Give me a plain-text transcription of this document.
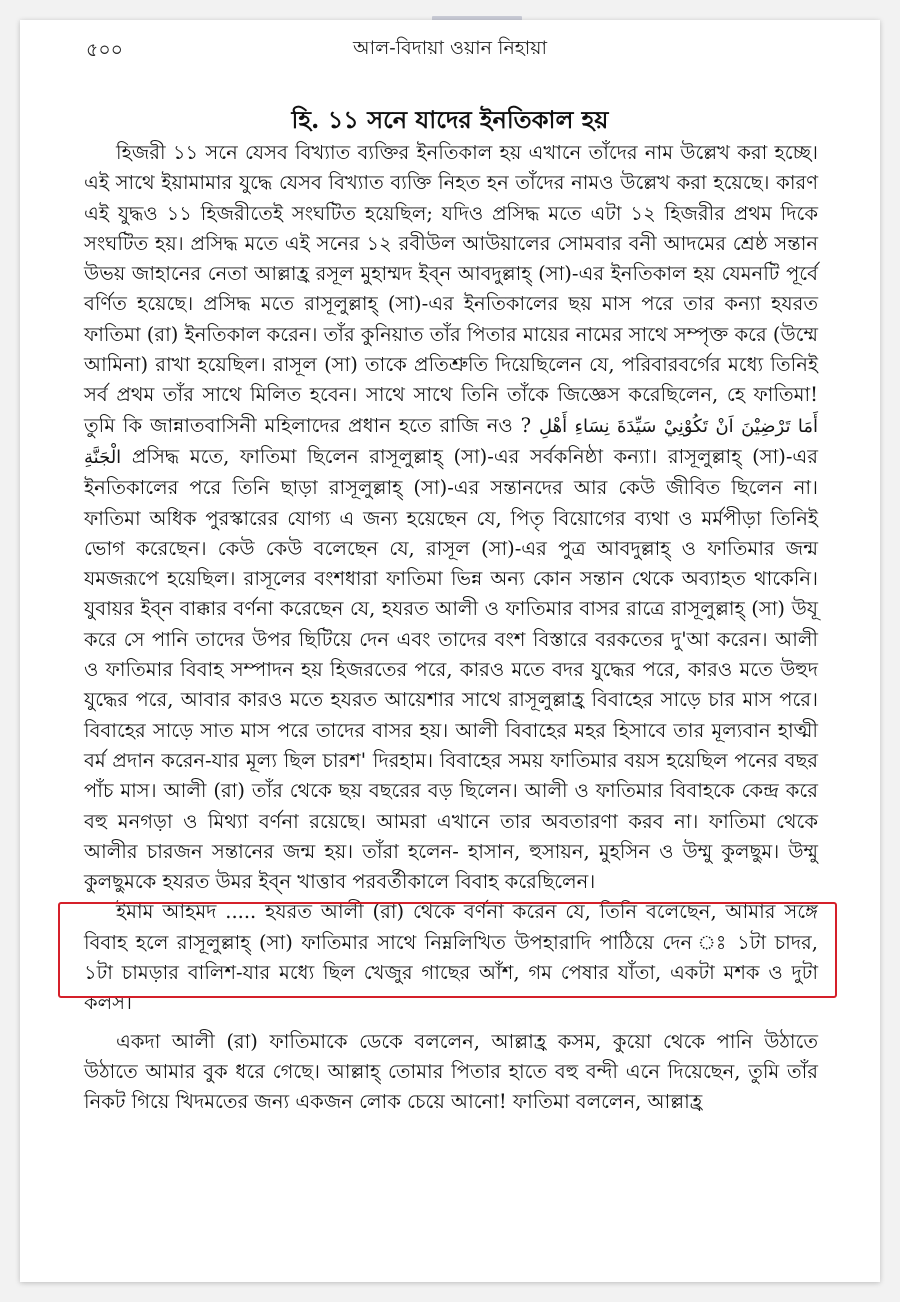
৫০০	আল-বিদায়া ওয়ান নিহায়া
হি. ১১ সনে যাদের ইনতিকাল হয়

হিজরী ১১ সনে যেসব বিখ্যাত ব্যক্তির ইনতিকাল হয় এখানে তাঁদের নাম উল্লেখ করা হচ্ছে। এই সাথে ইয়ামামার যুদ্ধে যেসব বিখ্যাত ব্যক্তি নিহত হন তাঁদের নামও উল্লেখ করা হয়েছে। কারণ এই যুদ্ধও ১১ হিজরীতেই সংঘটিত হয়েছিল; যদিও প্রসিদ্ধ মতে এটা ১২ হিজরীর প্রথম দিকে সংঘটিত হয়। প্রসিদ্ধ মতে এই সনের ১২ রবীউল আউয়ালের সোমবার বনী আদমের শ্রেষ্ঠ সন্তান উভয় জাহানের নেতা আল্লাহ্র রসূল মুহাম্মদ ইব্ন আবদুল্লাহ্ (সা)-এর ইনতিকাল হয় যেমনটি পূর্বে বর্ণিত হয়েছে। প্রসিদ্ধ মতে রাসূলুল্লাহ্ (সা)-এর ইনতিকালের ছয় মাস পরে তার কন্যা হযরত ফাতিমা (রা) ইনতিকাল করেন। তাঁর কুনিয়াত তাঁর পিতার মায়ের নামের সাথে সম্পৃক্ত করে (উম্মে আমিনা) রাখা হয়েছিল। রাসূল (সা) তাকে প্রতিশ্রুতি দিয়েছিলেন যে, পরিবারবর্গের মধ্যে তিনিই সর্ব প্রথম তাঁর সাথে মিলিত হবেন। সাথে সাথে তিনি তাঁকে জিজ্ঞেস করেছিলেন, হে ফাতিমা! তুমি কি জান্নাতবাসিনী মহিলাদের প্রধান হতে রাজি নও ? أَمَا تَرْضِيْنَ اَنْ تَكُوْنِيْ سَيِّدَةَ نِسَاءِ أَهْلِ الْجَنَّةِ প্রসিদ্ধ মতে, ফাতিমা ছিলেন রাসূলুল্লাহ্ (সা)-এর সর্বকনিষ্ঠা কন্যা। রাসূলুল্লাহ্ (সা)-এর ইনতিকালের পরে তিনি ছাড়া রাসূলুল্লাহ্ (সা)-এর সন্তানদের আর কেউ জীবিত ছিলেন না। ফাতিমা অধিক পুরস্কারের যোগ্য এ জন্য হয়েছেন যে, পিতৃ বিয়োগের ব্যথা ও মর্মপীড়া তিনিই ভোগ করেছেন। কেউ কেউ বলেছেন যে, রাসূল (সা)-এর পুত্র আবদুল্লাহ্ ও ফাতিমার জন্ম যমজরূপে হয়েছিল। রাসূলের বংশধারা ফাতিমা ভিন্ন অন্য কোন সন্তান থেকে অব্যাহত থাকেনি। যুবায়র ইব্ন বাক্কার বর্ণনা করেছেন যে, হযরত আলী ও ফাতিমার বাসর রাত্রে রাসূলুল্লাহ্ (সা) উযূ করে সে পানি তাদের উপর ছিটিয়ে দেন এবং তাদের বংশ বিস্তারে বরকতের দু'আ করেন। আলী ও ফাতিমার বিবাহ সম্পাদন হয় হিজরতের পরে, কারও মতে বদর যুদ্ধের পরে, কারও মতে উহুদ যুদ্ধের পরে, আবার কারও মতে হযরত আয়েশার সাথে রাসূলুল্লাহ্র বিবাহের সাড়ে চার মাস পরে। বিবাহের সাড়ে সাত মাস পরে তাদের বাসর হয়। আলী বিবাহের মহর হিসাবে তার মূল্যবান হাত্মী বর্ম প্রদান করেন-যার মূল্য ছিল চারশ' দিরহাম। বিবাহের সময় ফাতিমার বয়স হয়েছিল পনের বছর পাঁচ মাস। আলী (রা) তাঁর থেকে ছয় বছরের বড় ছিলেন। আলী ও ফাতিমার বিবাহকে কেন্দ্র করে বহু মনগড়া ও মিথ্যা বর্ণনা রয়েছে। আমরা এখানে তার অবতারণা করব না। ফাতিমা থেকে আলীর চারজন সন্তানের জন্ম হয়। তাঁরা হলেন- হাসান, হুসায়ন, মুহসিন ও উম্মু কুলছুম। উম্মু কুলছুমকে হযরত উমর ইব্ন খাত্তাব পরবর্তীকালে বিবাহ করেছিলেন।

ইমাম আহমদ ..... হযরত আলী (রা) থেকে বর্ণনা করেন যে, তিনি বলেছেন, আমার সঙ্গে বিবাহ হলে রাসূলুল্লাহ্ (সা) ফাতিমার সাথে নিম্নলিখিত উপহারাদি পাঠিয়ে দেন ঃ ১টা চাদর, ১টা চামড়ার বালিশ-যার মধ্যে ছিল খেজুর গাছের আঁশ, গম পেষার যাঁতা, একটা মশক ও দুটা কলস।

একদা আলী (রা) ফাতিমাকে ডেকে বললেন, আল্লাহ্র কসম, কুয়ো থেকে পানি উঠাতে উঠাতে আমার বুক ধরে গেছে। আল্লাহ্ তোমার পিতার হাতে বহু বন্দী এনে দিয়েছেন, তুমি তাঁর নিকট গিয়ে খিদমতের জন্য একজন লোক চেয়ে আনো! ফাতিমা বললেন, আল্লাহ্র
